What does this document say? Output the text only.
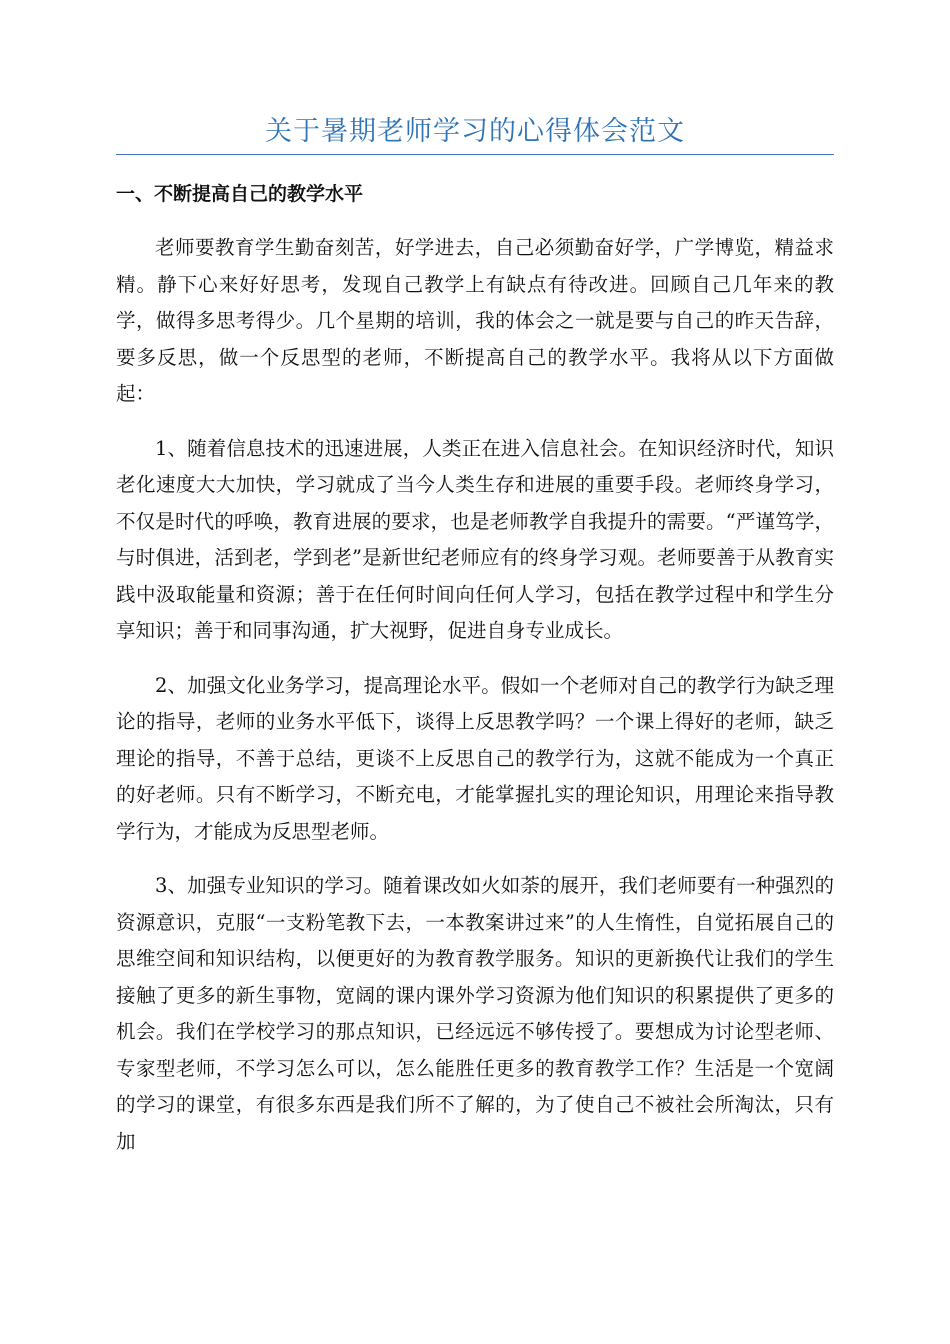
关于暑期老师学习的心得体会范文
一、不断提高自己的教学水平

老师要教育学生勤奋刻苦，好学进去，自己必须勤奋好学，广学博览，精益求精。静下心来好好思考，发现自己教学上有缺点有待改进。回顾自己几年来的教学，做得多思考得少。几个星期的培训，我的体会之一就是要与自己的昨天告辞，要多反思，做一个反思型的老师，不断提高自己的教学水平。我将从以下方面做起：

1、随着信息技术的迅速进展，人类正在进入信息社会。在知识经济时代，知识老化速度大大加快，学习就成了当今人类生存和进展的重要手段。老师终身学习，不仅是时代的呼唤，教育进展的要求，也是老师教学自我提升的需要。“严谨笃学，与时俱进，活到老，学到老”是新世纪老师应有的终身学习观。老师要善于从教育实践中汲取能量和资源；善于在任何时间向任何人学习，包括在教学过程中和学生分享知识；善于和同事沟通，扩大视野，促进自身专业成长。

2、加强文化业务学习，提高理论水平。假如一个老师对自己的教学行为缺乏理论的指导，老师的业务水平低下，谈得上反思教学吗？一个课上得好的老师，缺乏理论的指导，不善于总结，更谈不上反思自己的教学行为，这就不能成为一个真正的好老师。只有不断学习，不断充电，才能掌握扎实的理论知识，用理论来指导教学行为，才能成为反思型老师。

3、加强专业知识的学习。随着课改如火如荼的展开，我们老师要有一种强烈的资源意识，克服“一支粉笔教下去，一本教案讲过来”的人生惰性，自觉拓展自己的思维空间和知识结构，以便更好的为教育教学服务。知识的更新换代让我们的学生接触了更多的新生事物，宽阔的课内课外学习资源为他们知识的积累提供了更多的机会。我们在学校学习的那点知识，已经远远不够传授了。要想成为讨论型老师、专家型老师，不学习怎么可以，怎么能胜任更多的教育教学工作？生活是一个宽阔的学习的课堂，有很多东西是我们所不了解的，为了使自己不被社会所淘汰，只有加
